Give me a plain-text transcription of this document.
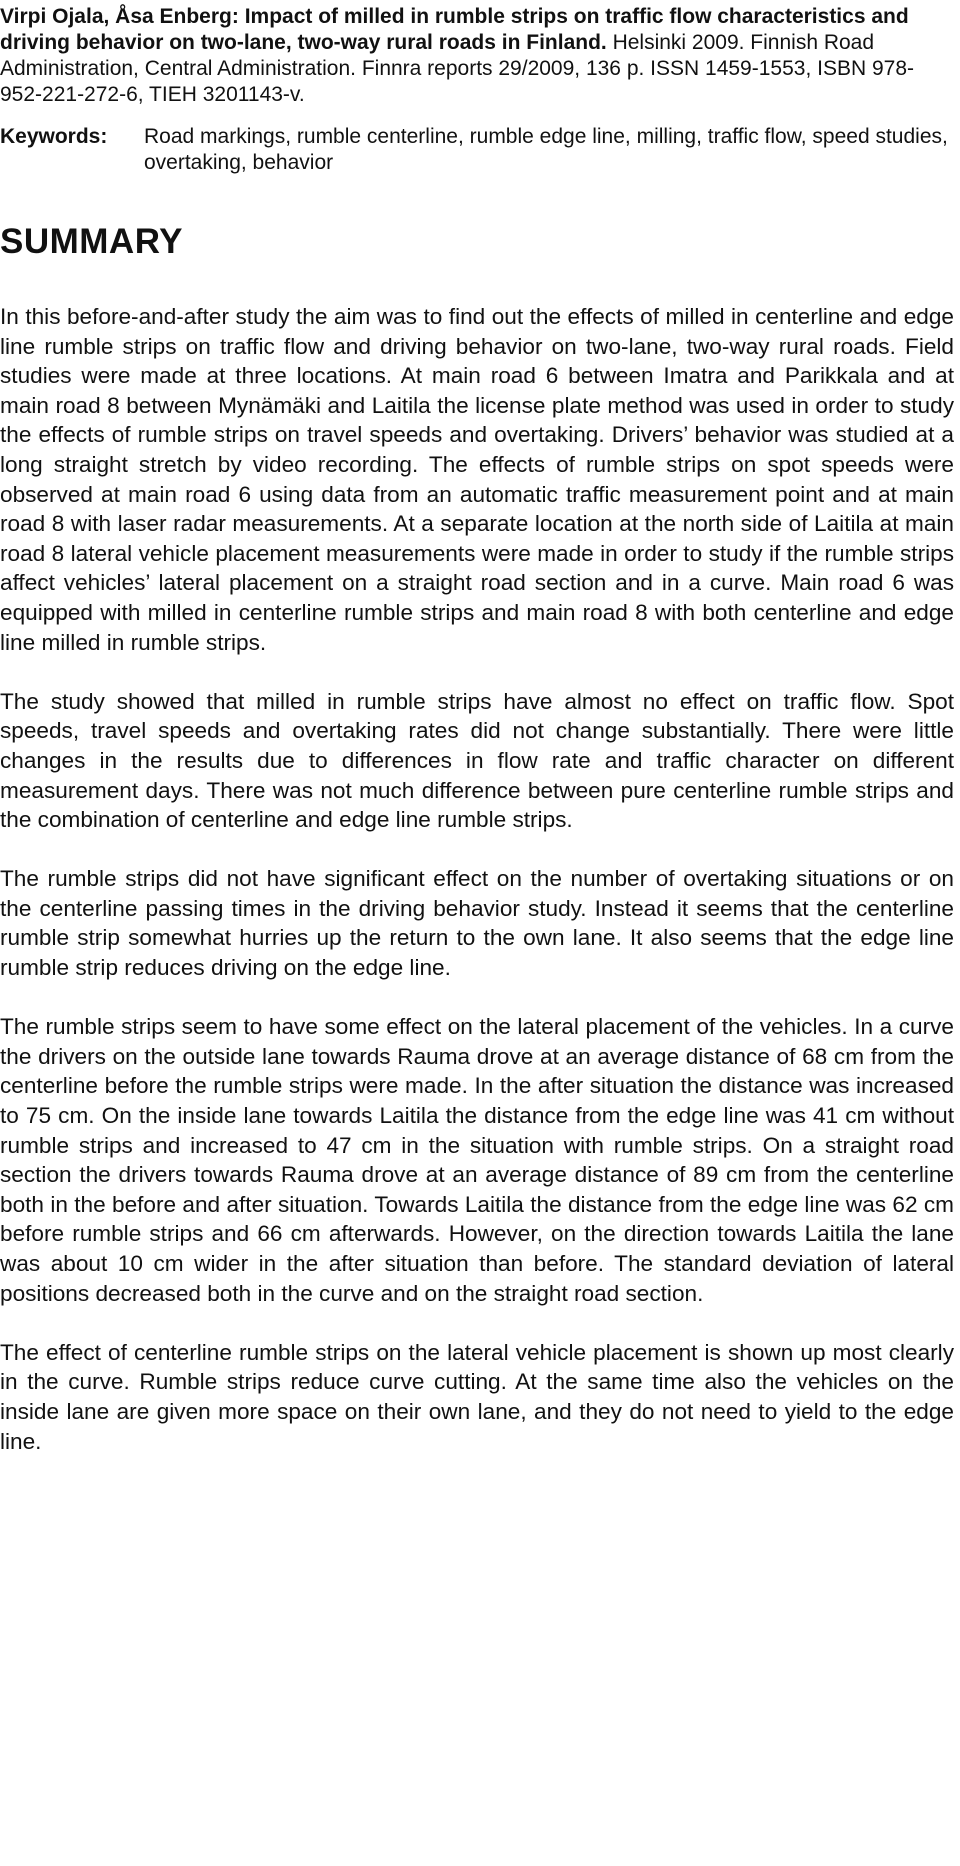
Virpi Ojala, Åsa Enberg: Impact of milled in rumble strips on traffic flow characteristics and driving behavior on two-lane, two-way rural roads in Finland. Helsinki 2009. Finnish Road Administration, Central Administration. Finnra reports 29/2009, 136 p. ISSN 1459-1553, ISBN 978-952-221-272-6, TIEH 3201143-v.
Keywords:	Road markings, rumble centerline, rumble edge line, milling, traffic flow, speed studies, overtaking, behavior
SUMMARY

In this before-and-after study the aim was to find out the effects of milled in centerline and edge line rumble strips on traffic flow and driving behavior on two-lane, two-way rural roads. Field studies were made at three locations. At main road 6 between Imatra and Parikkala and at main road 8 between Mynämäki and Laitila the license plate method was used in order to study the effects of rumble strips on travel speeds and overtaking. Drivers’ behavior was studied at a long straight stretch by video recording. The effects of rumble strips on spot speeds were observed at main road 6 using data from an automatic traffic measurement point and at main road 8 with laser radar measurements. At a separate location at the north side of Laitila at main road 8 lateral vehicle placement measurements were made in order to study if the rumble strips affect vehicles’ lateral placement on a straight road section and in a curve. Main road 6 was equipped with milled in centerline rumble strips and main road 8 with both centerline and edge line milled in rumble strips.

The study showed that milled in rumble strips have almost no effect on traffic flow. Spot speeds, travel speeds and overtaking rates did not change substantially. There were little changes in the results due to differences in flow rate and traffic character on different measurement days. There was not much difference between pure centerline rumble strips and the combination of centerline and edge line rumble strips.

The rumble strips did not have significant effect on the number of overtaking situations or on the centerline passing times in the driving behavior study. Instead it seems that the centerline rumble strip somewhat hurries up the return to the own lane. It also seems that the edge line rumble strip reduces driving on the edge line.

The rumble strips seem to have some effect on the lateral placement of the vehicles. In a curve the drivers on the outside lane towards Rauma drove at an average distance of 68 cm from the centerline before the rumble strips were made. In the after situation the distance was increased to 75 cm. On the inside lane towards Laitila the distance from the edge line was 41 cm without rumble strips and increased to 47 cm in the situation with rumble strips. On a straight road section the drivers towards Rauma drove at an average distance of 89 cm from the centerline both in the before and after situation. Towards Laitila the distance from the edge line was 62 cm before rumble strips and 66 cm afterwards. However, on the direction towards Laitila the lane was about 10 cm wider in the after situation than before. The standard deviation of lateral positions decreased both in the curve and on the straight road section.

The effect of centerline rumble strips on the lateral vehicle placement is shown up most clearly in the curve. Rumble strips reduce curve cutting. At the same time also the vehicles on the inside lane are given more space on their own lane, and they do not need to yield to the edge line.
